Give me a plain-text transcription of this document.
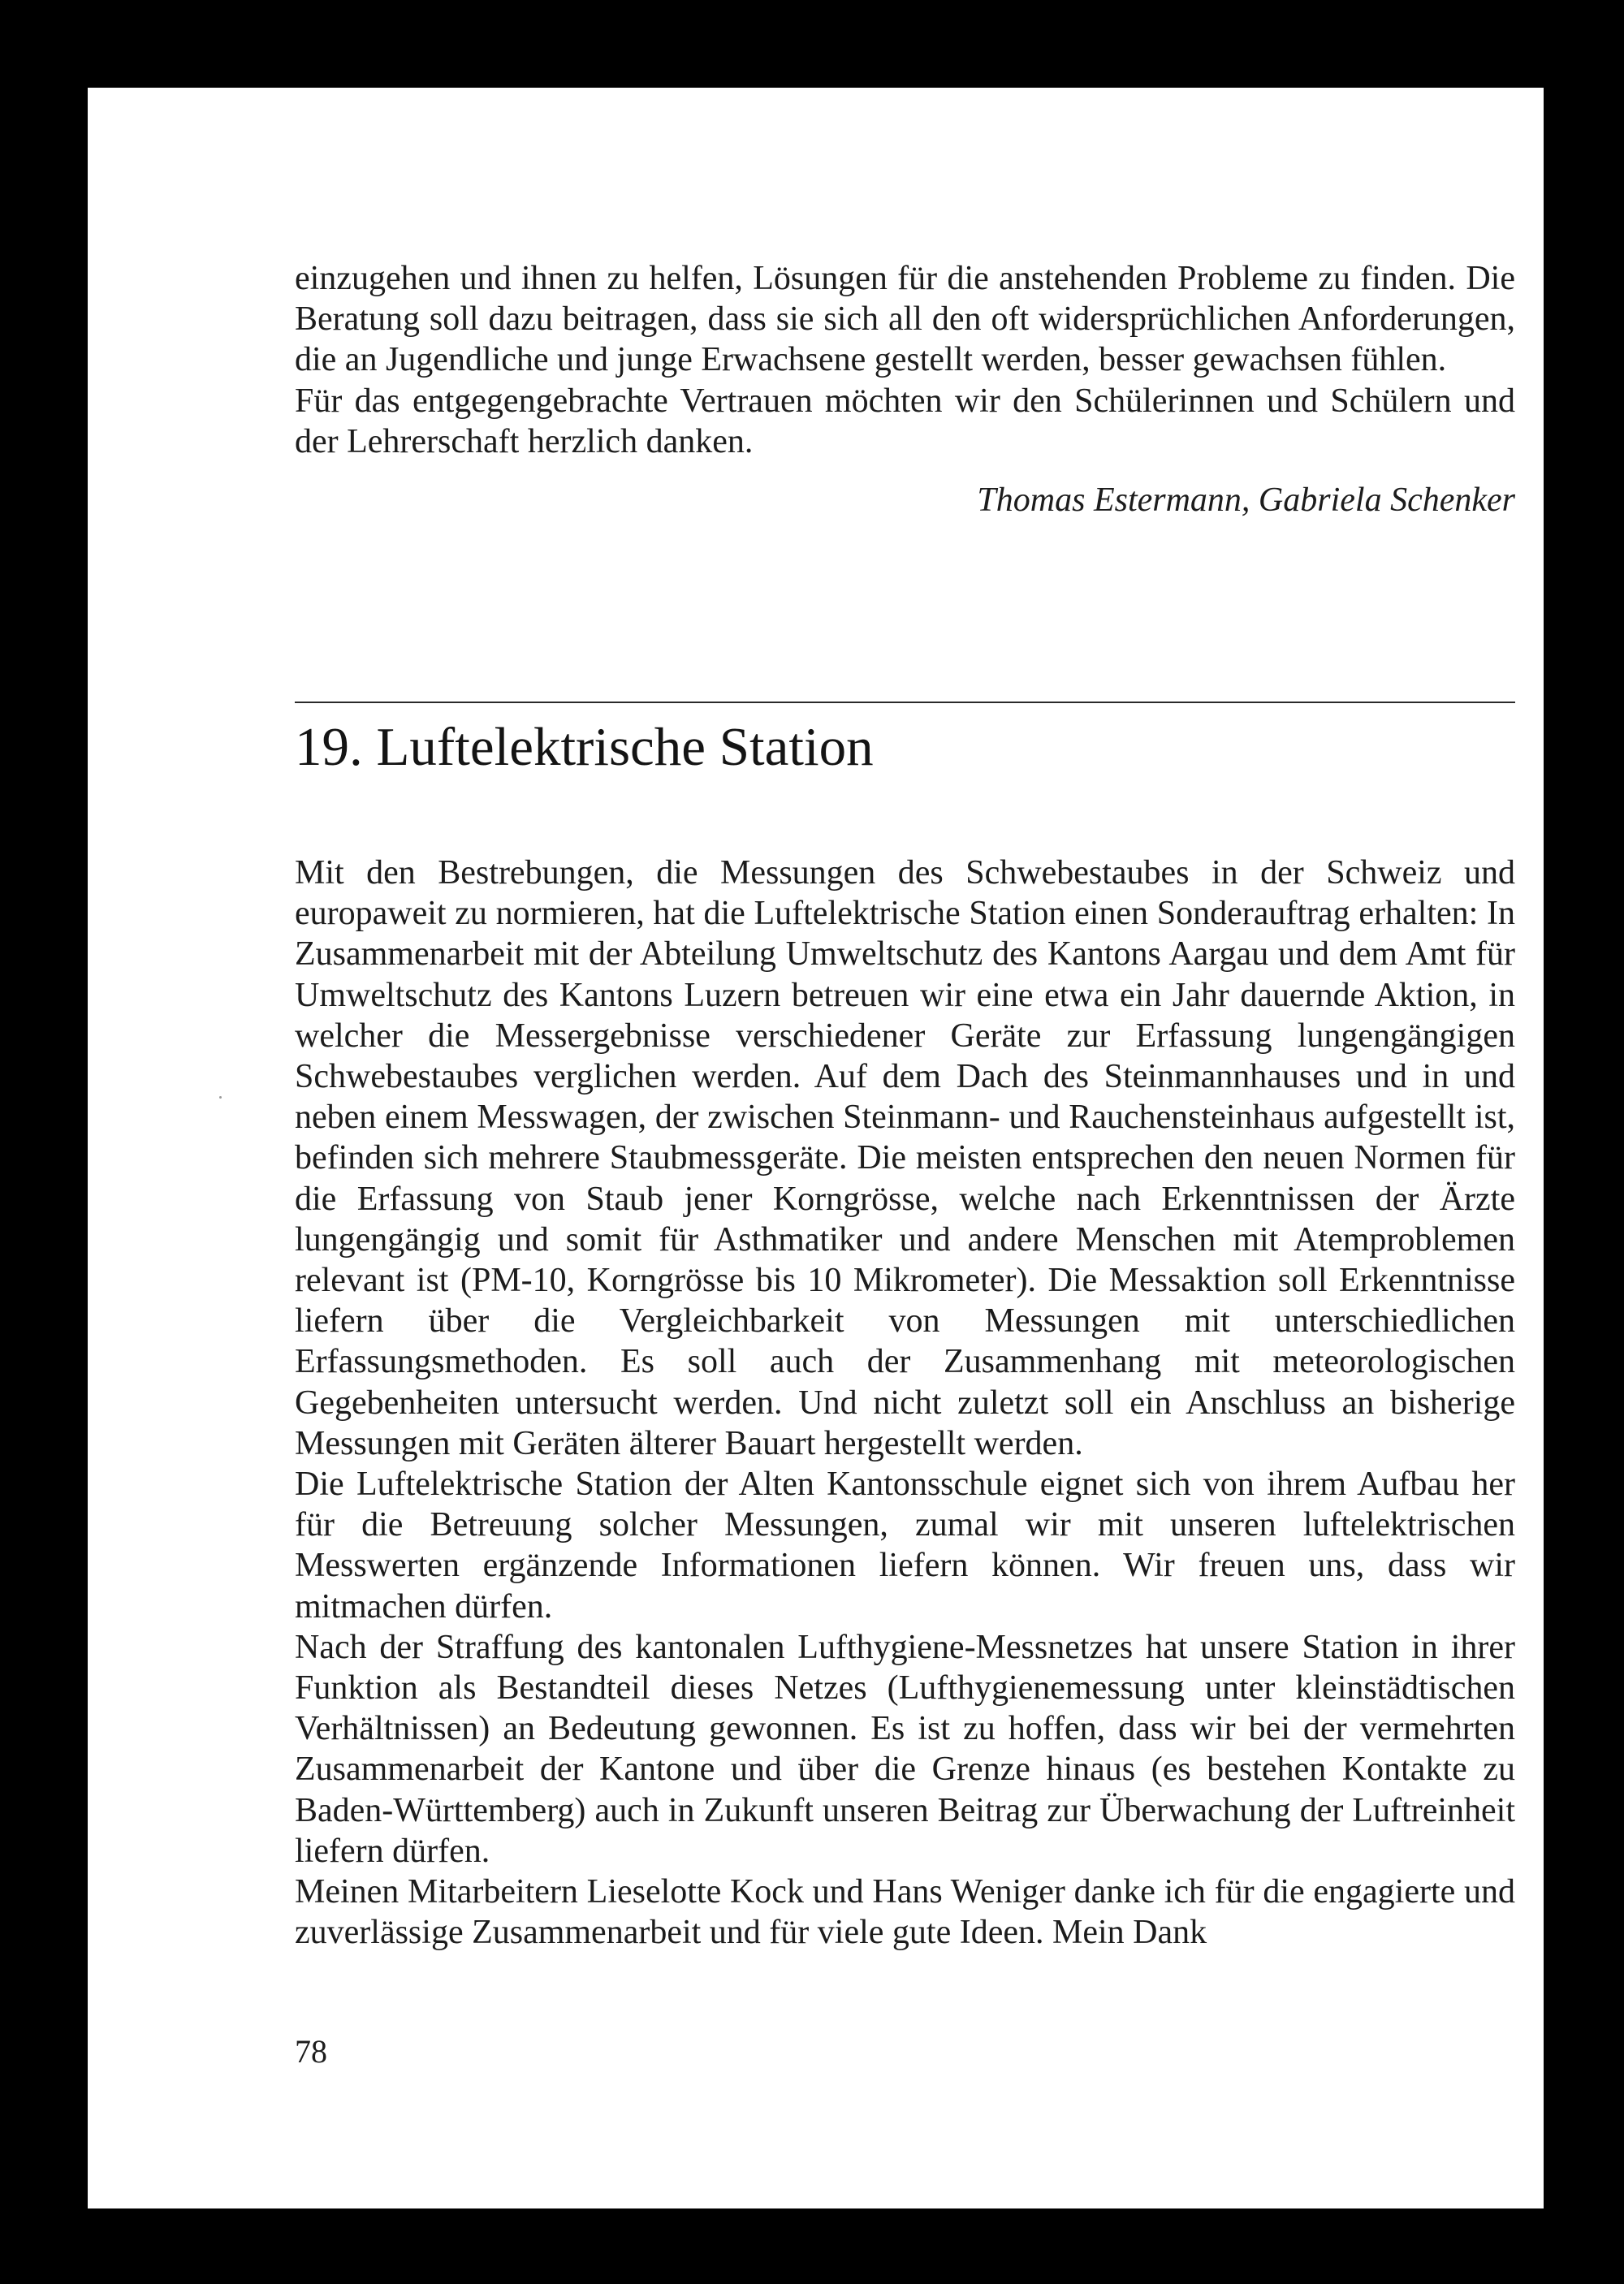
einzugehen und ihnen zu helfen, Lösungen für die anstehenden Probleme zu finden. Die Beratung soll dazu beitragen, dass sie sich all den oft widersprüchlichen Anforderungen, die an Jugendliche und junge Erwachsene gestellt werden, besser gewachsen fühlen.

Für das entgegengebrachte Vertrauen möchten wir den Schülerinnen und Schülern und der Lehrerschaft herzlich danken.

Thomas Estermann, Gabriela Schenker

19. Luftelektrische Station

Mit den Bestrebungen, die Messungen des Schwebestaubes in der Schweiz und europaweit zu normieren, hat die Luftelektrische Station einen Sonderauftrag erhalten: In Zusammenarbeit mit der Abteilung Umweltschutz des Kantons Aargau und dem Amt für Umweltschutz des Kantons Luzern betreuen wir eine etwa ein Jahr dauernde Aktion, in welcher die Messergebnisse verschiedener Geräte zur Erfassung lungengängigen Schwebestaubes verglichen werden. Auf dem Dach des Steinmannhauses und in und neben einem Messwagen, der zwischen Steinmann- und Rauchensteinhaus aufgestellt ist, befinden sich mehrere Staubmessgeräte. Die meisten entsprechen den neuen Normen für die Erfassung von Staub jener Korngrösse, welche nach Erkenntnissen der Ärzte lungengängig und somit für Asthmatiker und andere Menschen mit Atemproblemen relevant ist (PM-10, Korngrösse bis 10 Mikrometer). Die Messaktion soll Erkenntnisse liefern über die Vergleichbarkeit von Messungen mit unterschiedlichen Erfassungsmethoden. Es soll auch der Zusammenhang mit meteorologischen Gegebenheiten untersucht werden. Und nicht zuletzt soll ein Anschluss an bisherige Messungen mit Geräten älterer Bauart hergestellt werden.

Die Luftelektrische Station der Alten Kantonsschule eignet sich von ihrem Aufbau her für die Betreuung solcher Messungen, zumal wir mit unseren luftelektrischen Messwerten ergänzende Informationen liefern können. Wir freuen uns, dass wir mitmachen dürfen.

Nach der Straffung des kantonalen Lufthygiene-Messnetzes hat unsere Station in ihrer Funktion als Bestandteil dieses Netzes (Lufthygienemessung unter kleinstädtischen Verhältnissen) an Bedeutung gewonnen. Es ist zu hoffen, dass wir bei der vermehrten Zusammenarbeit der Kantone und über die Grenze hinaus (es bestehen Kontakte zu Baden-Württemberg) auch in Zukunft unseren Beitrag zur Überwachung der Luftreinheit liefern dürfen.

Meinen Mitarbeitern Lieselotte Kock und Hans Weniger danke ich für die engagierte und zuverlässige Zusammenarbeit und für viele gute Ideen. Mein Dank

78
